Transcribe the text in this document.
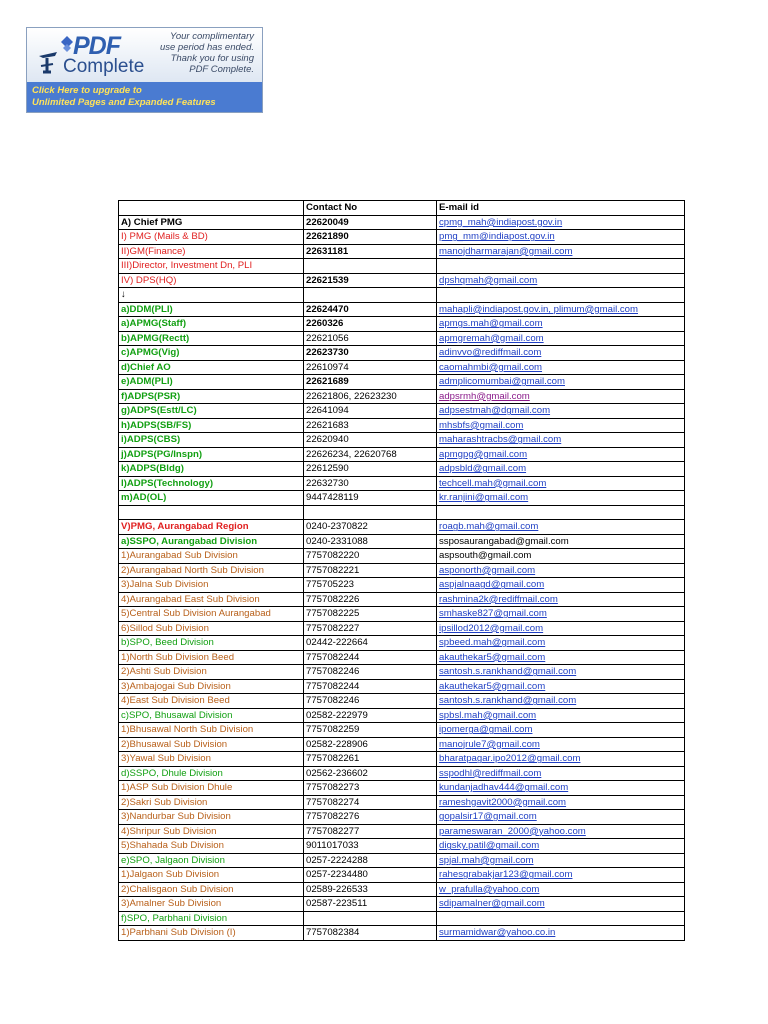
PDF
Complete
Your complimentary
use period has ended.
Thank you for using
PDF Complete.
Click Here to upgrade to
Unlimited Pages and Expanded Features
	Contact No	E-mail id
A) Chief PMG	22620049	cpmg_mah@indiapost.gov.in
I) PMG (Mails & BD)	22621890	pmg_mm@indiapost.gov.in
II)GM(Finance)	22631181	manojdharmarajan@gmail.com
III)Director, Investment Dn, PLI		
IV) DPS(HQ)	22621539	dpshqmah@gmail.com
↓		
a)DDM(PLI)	22624470	mahapli@indiapost.gov.in, plimum@gmail.com
a)APMG(Staff)	2260326	apmgs.mah@gmail.com
b)APMG(Rectt)	22621056	apmgremah@gmail.com
c)APMG(Vig)	22623730	adinvvo@rediffmail.com
d)Chief AO	22610974	caomahmbi@gmail.com
e)ADM(PLI)	22621689	admplicomumbai@gmail.com
f)ADPS(PSR)	22621806, 22623230	adpsrmh@gmail.com
g)ADPS(Estt/LC)	22641094	adpsestmah@dgmail.com
h)ADPS(SB/FS)	22621683	mhsbfs@gmail.com
i)ADPS(CBS)	22620940	maharashtracbs@gmail.com
j)ADPS(PG/Inspn)	22626234, 22620768	apmgpg@gmail.com
k)ADPS(Bldg)	22612590	adpsbld@gmail.com
l)ADPS(Technology)	22632730	techcell.mah@gmail.com
m)AD(OL)	9447428119	kr.ranjini@gmail.com

V)PMG, Aurangabad Region	0240-2370822	roagb.mah@gmail.com
a)SSPO, Aurangabad Division	0240-2331088	ssposaurangabad@gmail.com
1)Aurangabad Sub Division	7757082220	aspsouth@gmail.com
2)Aurangabad North Sub Division	7757082221	asponorth@gmail.com
3)Jalna Sub Division	775705223	aspjalnaagd@gmail.com
4)Aurangabad East Sub Division	7757082226	rashmina2k@rediffmail.com
5)Central Sub Division Aurangabad	7757082225	smhaske827@gmail.com
6)Sillod Sub Division	7757082227	ipsillod2012@gmail.com
b)SPO, Beed Division	02442-222664	spbeed.mah@gmail.com
1)North Sub Division Beed	7757082244	akauthekar5@gmail.com
2)Ashti Sub Division	7757082246	santosh.s.rankhand@gmail.com
3)Ambajogai Sub Division	7757082244	akauthekar5@gmail.com
4)East Sub Division Beed	7757082246	santosh.s.rankhand@gmail.com
c)SPO, Bhusawal Division	02582-222979	spbsl.mah@gmail.com
1)Bhusawal North Sub Division	7757082259	ipomerga@gmail.com
2)Bhusawal Sub Division	02582-228906	manojrule7@gmail.com
3)Yawal Sub Division	7757082261	bharatpagar.ipo2012@gmail.com
d)SSPO, Dhule Division	02562-236602	sspodhl@rediffmail.com
1)ASP Sub Division Dhule	7757082273	kundanjadhav444@gmail.com
2)Sakri Sub Division	7757082274	rameshgavit2000@gmail.com
3)Nandurbar Sub Division	7757082276	gopalsir17@gmail.com
4)Shripur Sub Division	7757082277	parameswaran_2000@yahoo.com
5)Shahada Sub Division	9011017033	digsky.patil@gmail.com
e)SPO, Jalgaon Division	0257-2224288	spjal.mah@gmail.com
1)Jalgaon Sub Division	0257-2234480	rahesgrabakjar123@gmail.com
2)Chalisgaon Sub Division	02589-226533	w_prafulla@yahoo.com
3)Amalner Sub Division	02587-223511	sdipamalner@gmail.com
f)SPO, Parbhani Division		
1)Parbhani Sub Division (I)	7757082384	surmamidwar@yahoo.co.in
